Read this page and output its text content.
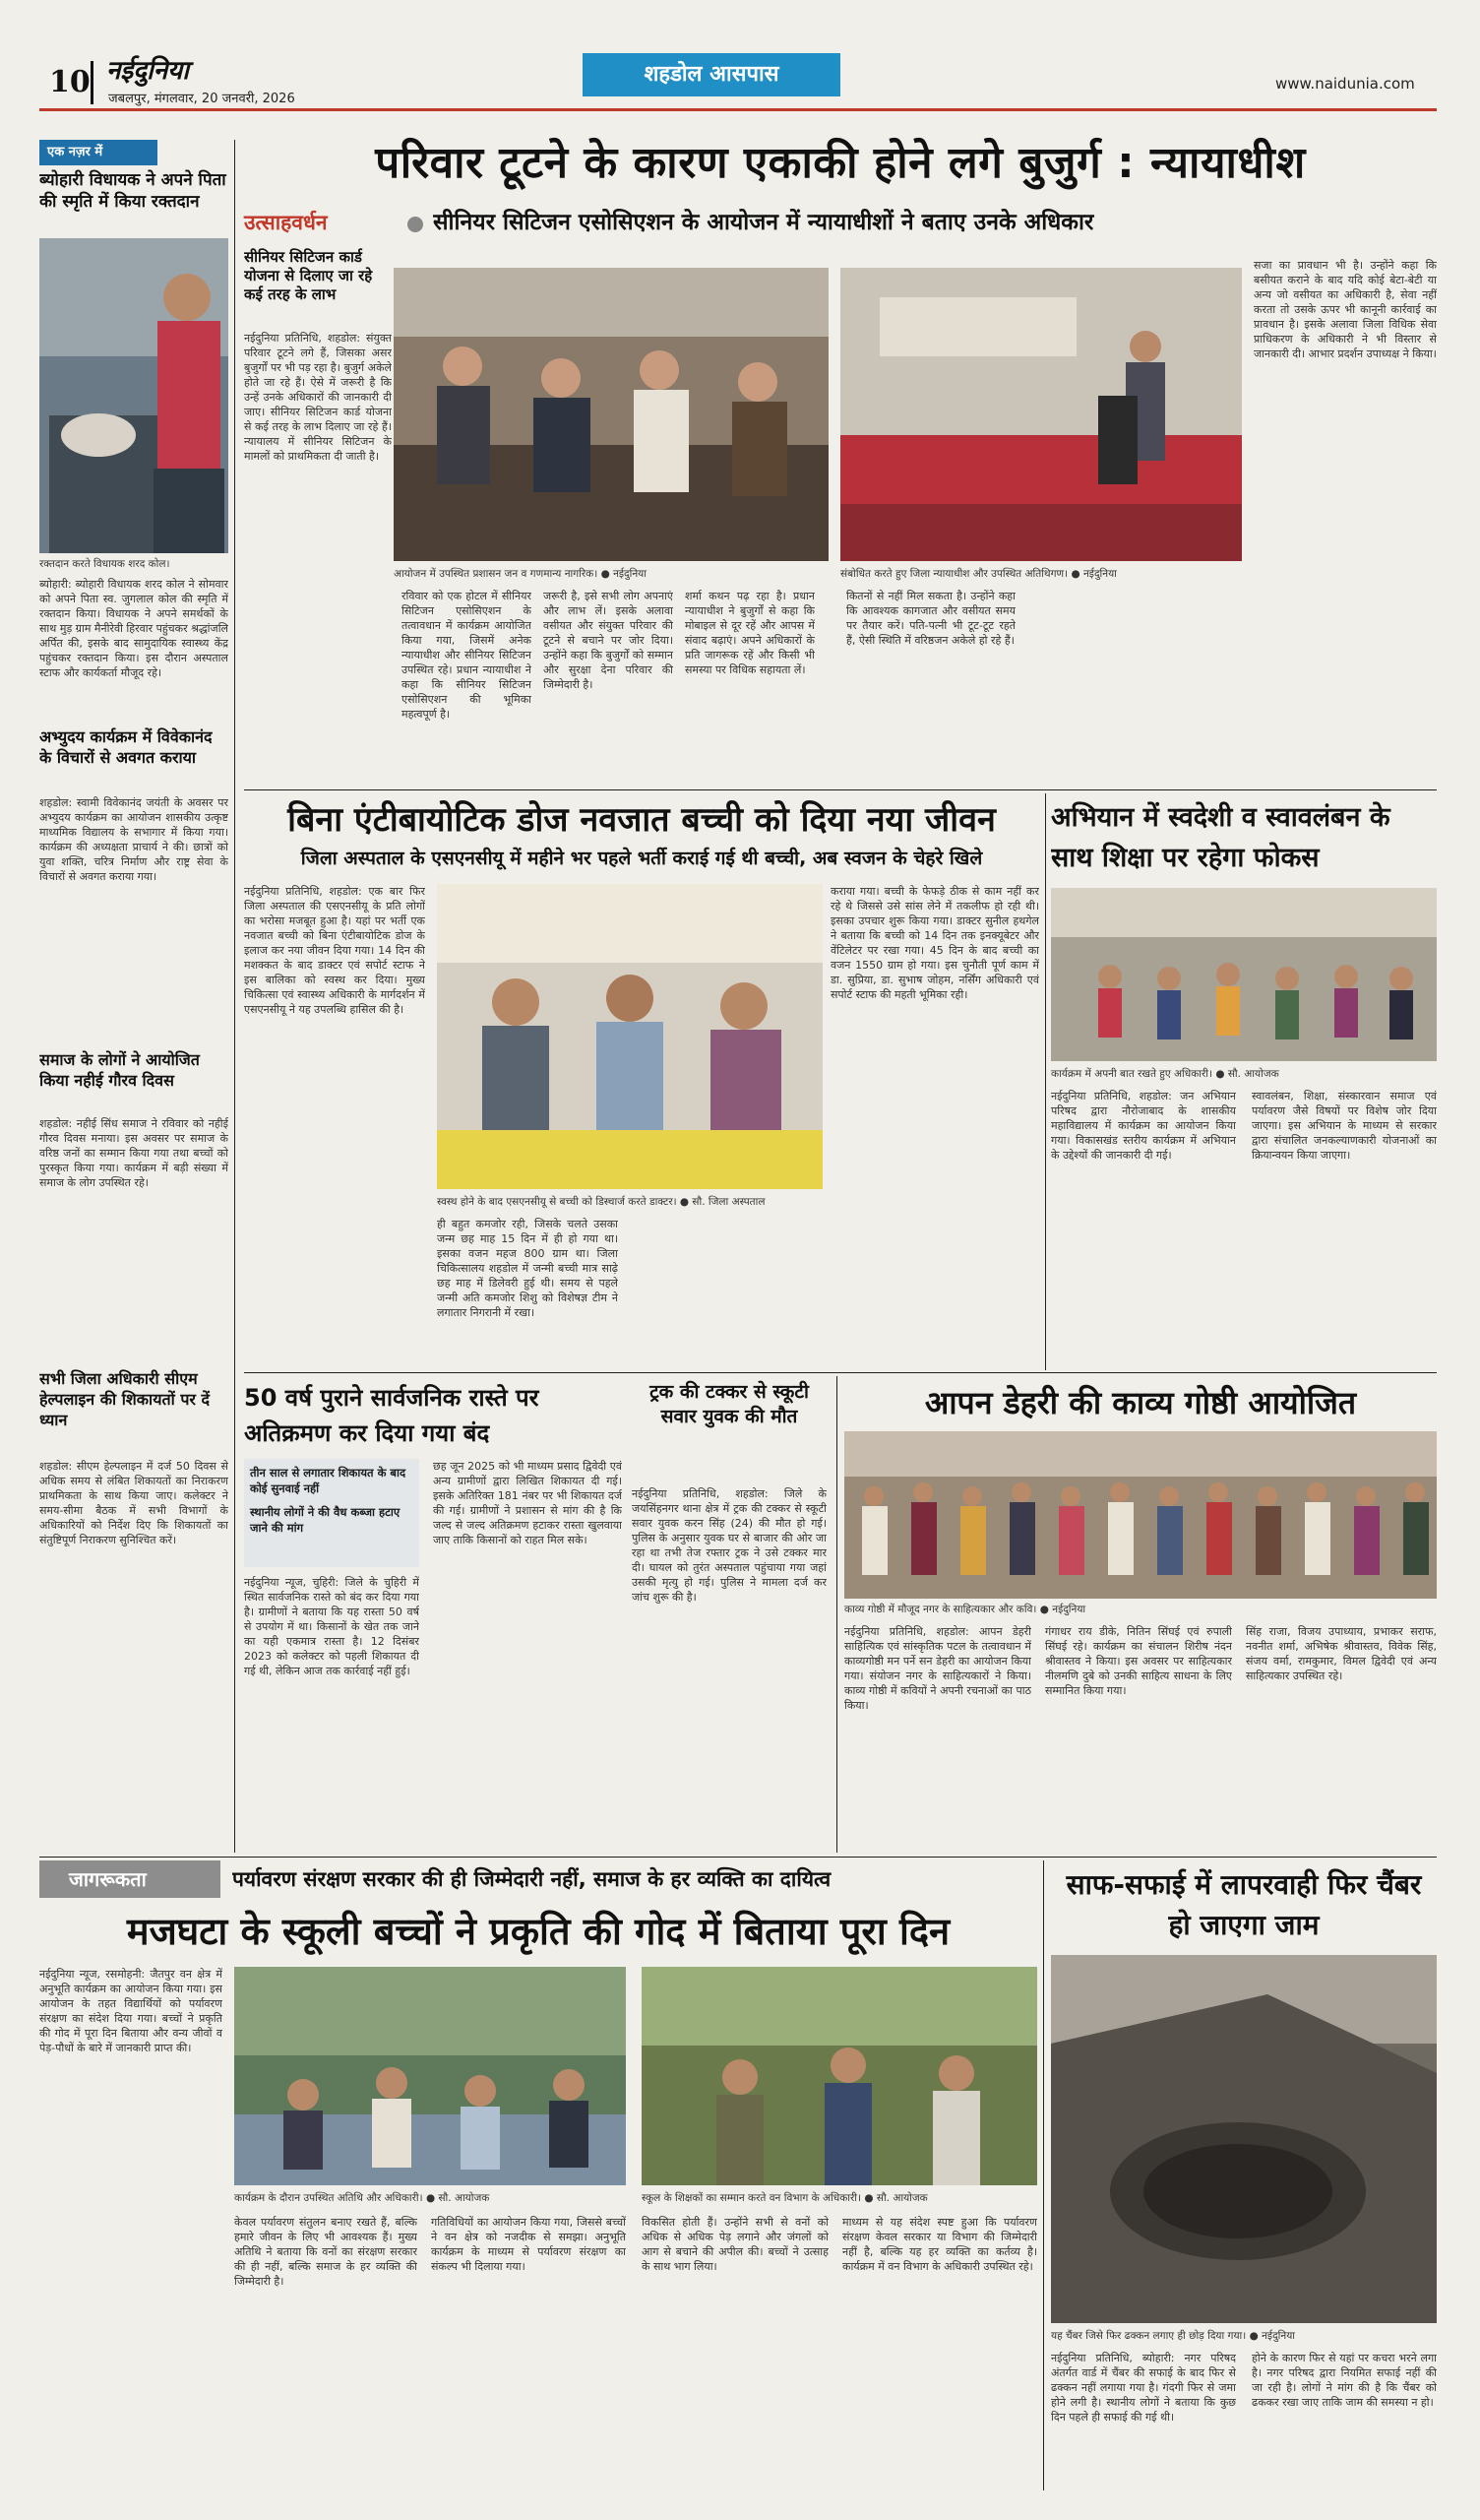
10 नईदुनिया
जबलपुर, मंगलवार, 20 जनवरी, 2026
शहडोल आसपास	www.naidunia.com
एक नज़र में
ब्योहारी विधायक ने अपने पिता की स्मृति में किया रक्तदान
रक्तदान करते विधायक शरद कोल।
ब्योहारी: ब्योहारी विधायक शरद कोल ने सोमवार को अपने पिता स्व. जुगलाल कोल की स्मृति में रक्तदान किया। विधायक ने अपने समर्थकों के साथ मुड़ ग्राम मैनीरेवी हिरवार पहुंचकर श्रद्धांजलि अर्पित की, इसके बाद सामुदायिक स्वास्थ्य केंद्र पहुंचकर रक्तदान किया। इस दौरान अस्पताल स्टाफ और कार्यकर्ता मौजूद रहे।
अभ्युदय कार्यक्रम में विवेकानंद के विचारों से अवगत कराया
शहडोल: स्वामी विवेकानंद जयंती के अवसर पर अभ्युदय कार्यक्रम का आयोजन शासकीय उत्कृष्ट माध्यमिक विद्यालय के सभागार में किया गया। कार्यक्रम की अध्यक्षता प्राचार्य ने की। छात्रों को युवा शक्ति, चरित्र निर्माण और राष्ट्र सेवा के विचारों से अवगत कराया गया।
समाज के लोगों ने आयोजित किया नहीई गौरव दिवस
शहडोल: नहीई सिंध समाज ने रविवार को नहीई गौरव दिवस मनाया। इस अवसर पर समाज के वरिष्ठ जनों का सम्मान किया गया तथा बच्चों को पुरस्कृत किया गया। कार्यक्रम में बड़ी संख्या में समाज के लोग उपस्थित रहे।
सभी जिला अधिकारी सीएम हेल्पलाइन की शिकायतों पर दें ध्यान
शहडोल: सीएम हेल्पलाइन में दर्ज 50 दिवस से अधिक समय से लंबित शिकायतों का निराकरण प्राथमिकता के साथ किया जाए। कलेक्टर ने समय-सीमा बैठक में सभी विभागों के अधिकारियों को निर्देश दिए कि शिकायतों का संतुष्टिपूर्ण निराकरण सुनिश्चित करें।
परिवार टूटने के कारण एकाकी होने लगे बुजुर्ग : न्यायाधीश
उत्साहवर्धन	सीनियर सिटिजन एसोसिएशन के आयोजन में न्यायाधीशों ने बताए उनके अधिकार
सीनियर सिटिजन कार्ड योजना से दिलाए जा रहे कई तरह के लाभ
नईदुनिया प्रतिनिधि, शहडोल: संयुक्त परिवार टूटने लगे हैं, जिसका असर बुजुर्गों पर भी पड़ रहा है। बुजुर्ग अकेले होते जा रहे हैं। ऐसे में जरूरी है कि उन्हें उनके अधिकारों की जानकारी दी जाए। सीनियर सिटिजन कार्ड योजना से कई तरह के लाभ दिलाए जा रहे हैं। न्यायालय में सीनियर सिटिजन के मामलों को प्राथमिकता दी जाती है।
आयोजन में उपस्थित प्रशासन जन व गणमान्य नागरिक। ● नईदुनिया	संबोधित करते हुए जिला न्यायाधीश और उपस्थित अतिथिगण। ● नईदुनिया
रविवार को एक होटल में सीनियर सिटिजन एसोसिएशन के तत्वावधान में कार्यक्रम आयोजित किया गया, जिसमें अनेक न्यायाधीश और सीनियर सिटिजन उपस्थित रहे। प्रधान न्यायाधीश ने कहा कि सीनियर सिटिजन एसोसिएशन की भूमिका महत्वपूर्ण है।
जरूरी है, इसे सभी लोग अपनाएं और लाभ लें। इसके अलावा वसीयत और संयुक्त परिवार की टूटने से बचाने पर जोर दिया। उन्होंने कहा कि बुजुर्गों को सम्मान और सुरक्षा देना परिवार की जिम्मेदारी है।
शर्मा कथन पढ़ रहा है। प्रधान न्यायाधीश ने बुजुर्गों से कहा कि मोबाइल से दूर रहें और आपस में संवाद बढ़ाएं। अपने अधिकारों के प्रति जागरूक रहें और किसी भी समस्या पर विधिक सहायता लें।
कितनों से नहीं मिल सकता है। उन्होंने कहा कि आवश्यक कागजात और वसीयत समय पर तैयार करें। पति-पत्नी भी टूट-टूट रहते हैं, ऐसी स्थिति में वरिष्ठजन अकेले हो रहे हैं।
सजा का प्रावधान भी है। उन्होंने कहा कि बसीयत कराने के बाद यदि कोई बेटा-बेटी या अन्य जो वसीयत का अधिकारी है, सेवा नहीं करता तो उसके ऊपर भी कानूनी कार्रवाई का प्रावधान है। इसके अलावा जिला विधिक सेवा प्राधिकरण के अधिकारी ने भी विस्तार से जानकारी दी। आभार प्रदर्शन उपाध्यक्ष ने किया।
बिना एंटीबायोटिक डोज नवजात बच्ची को दिया नया जीवन
जिला अस्पताल के एसएनसीयू में महीने भर पहले भर्ती कराई गई थी बच्ची, अब स्वजन के चेहरे खिले
नईदुनिया प्रतिनिधि, शहडोल: एक बार फिर जिला अस्पताल की एसएनसीयू के प्रति लोगों का भरोसा मजबूत हुआ है। यहां पर भर्ती एक नवजात बच्ची को बिना एंटीबायोटिक डोज के इलाज कर नया जीवन दिया गया। 14 दिन की मशक्कत के बाद डाक्टर एवं सपोर्ट स्टाफ ने इस बालिका को स्वस्थ कर दिया। मुख्य चिकित्सा एवं स्वास्थ्य अधिकारी के मार्गदर्शन में एसएनसीयू ने यह उपलब्धि हासिल की है।
स्वस्थ होने के बाद एसएनसीयू से बच्ची को डिस्चार्ज करते डाक्टर। ● सौ. जिला अस्पताल
ही बहुत कमजोर रही, जिसके चलते उसका जन्म छह माह 15 दिन में ही हो गया था। इसका वजन महज 800 ग्राम था। जिला चिकित्सालय शहडोल में जन्मी बच्ची मात्र साढ़े छह माह में डिलेवरी हुई थी। समय से पहले जन्मी अति कमजोर शिशु को विशेषज्ञ टीम ने लगातार निगरानी में रखा।
कराया गया। बच्ची के फेफड़े ठीक से काम नहीं कर रहे थे जिससे उसे सांस लेने में तकलीफ हो रही थी। इसका उपचार शुरू किया गया। डाक्टर सुनील हथगेल ने बताया कि बच्ची को 14 दिन तक इनक्यूबेटर और वेंटिलेटर पर रखा गया। 45 दिन के बाद बच्ची का वजन 1550 ग्राम हो गया। इस चुनौती पूर्ण काम में डा. सुप्रिया, डा. सुभाष जोहम, नर्सिंग अधिकारी एवं सपोर्ट स्टाफ की महती भूमिका रही।
अभियान में स्वदेशी व स्वावलंबन के साथ शिक्षा पर रहेगा फोकस
कार्यक्रम में अपनी बात रखते हुए अधिकारी। ● सौ. आयोजक
नईदुनिया प्रतिनिधि, शहडोल: जन अभियान परिषद द्वारा नौरोजाबाद के शासकीय महाविद्यालय में कार्यक्रम का आयोजन किया गया। विकासखंड स्तरीय कार्यक्रम में अभियान के उद्देश्यों की जानकारी दी गई।
स्वावलंबन, शिक्षा, संस्कारवान समाज एवं पर्यावरण जैसे विषयों पर विशेष जोर दिया जाएगा। इस अभियान के माध्यम से सरकार द्वारा संचालित जनकल्याणकारी योजनाओं का क्रियान्वयन किया जाएगा।
50 वर्ष पुराने सार्वजनिक रास्ते पर अतिक्रमण कर दिया गया बंद
तीन साल से लगातार शिकायत के बाद कोई सुनवाई नहीं
स्थानीय लोगों ने की वैध कब्जा हटाए जाने की मांग
नईदुनिया न्यूज, चुहिरी: जिले के चुहिरी में स्थित सार्वजनिक रास्ते को बंद कर दिया गया है। ग्रामीणों ने बताया कि यह रास्ता 50 वर्ष से उपयोग में था। किसानों के खेत तक जाने का यही एकमात्र रास्ता है। 12 दिसंबर 2023 को कलेक्टर को पहली शिकायत दी गई थी, लेकिन आज तक कार्रवाई नहीं हुई।
छह जून 2025 को भी माध्यम प्रसाद द्विवेदी एवं अन्य ग्रामीणों द्वारा लिखित शिकायत दी गई। इसके अतिरिक्त 181 नंबर पर भी शिकायत दर्ज की गई। ग्रामीणों ने प्रशासन से मांग की है कि जल्द से जल्द अतिक्रमण हटाकर रास्ता खुलवाया जाए ताकि किसानों को राहत मिल सके।
ट्रक की टक्कर से स्कूटी सवार युवक की मौत
नईदुनिया प्रतिनिधि, शहडोल: जिले के जयसिंहनगर थाना क्षेत्र में ट्रक की टक्कर से स्कूटी सवार युवक करन सिंह (24) की मौत हो गई। पुलिस के अनुसार युवक घर से बाजार की ओर जा रहा था तभी तेज रफ्तार ट्रक ने उसे टक्कर मार दी। घायल को तुरंत अस्पताल पहुंचाया गया जहां उसकी मृत्यु हो गई। पुलिस ने मामला दर्ज कर जांच शुरू की है।
आपन डेहरी की काव्य गोष्ठी आयोजित
काव्य गोष्ठी में मौजूद नगर के साहित्यकार और कवि। ● नईदुनिया
नईदुनिया प्रतिनिधि, शहडोल: आपन डेहरी साहित्यिक एवं सांस्कृतिक पटल के तत्वावधान में काव्यगोष्ठी मन पर्ने सन डेहरी का आयोजन किया गया। संयोजन नगर के साहित्यकारों ने किया। काव्य गोष्ठी में कवियों ने अपनी रचनाओं का पाठ किया।
गंगाधर राय डीके, नितिन सिंघई एवं रुपाली सिंघई रहे। कार्यक्रम का संचालन शिरीष नंदन श्रीवास्तव ने किया। इस अवसर पर साहित्यकार नीलमणि दुबे को उनकी साहित्य साधना के लिए सम्मानित किया गया।
सिंह राजा, विजय उपाध्याय, प्रभाकर सराफ, नवनीत शर्मा, अभिषेक श्रीवास्तव, विवेक सिंह, संजय वर्मा, रामकुमार, विमल द्विवेदी एवं अन्य साहित्यकार उपस्थित रहे।
जागरूकता	पर्यावरण संरक्षण सरकार की ही जिम्मेदारी नहीं, समाज के हर व्यक्ति का दायित्व
मजघटा के स्कूली बच्चों ने प्रकृति की गोद में बिताया पूरा दिन
नईदुनिया न्यूज, रसमोहनी: जैतपुर वन क्षेत्र में अनुभूति कार्यक्रम का आयोजन किया गया। इस आयोजन के तहत विद्यार्थियों को पर्यावरण संरक्षण का संदेश दिया गया। बच्चों ने प्रकृति की गोद में पूरा दिन बिताया और वन्य जीवों व पेड़-पौधों के बारे में जानकारी प्राप्त की।
कार्यक्रम के दौरान उपस्थित अतिथि और अधिकारी। ● सौ. आयोजक	स्कूल के शिक्षकों का सम्मान करते वन विभाग के अधिकारी। ● सौ. आयोजक
केवल पर्यावरण संतुलन बनाए रखते हैं, बल्कि हमारे जीवन के लिए भी आवश्यक हैं। मुख्य अतिथि ने बताया कि वनों का संरक्षण सरकार की ही नहीं, बल्कि समाज के हर व्यक्ति की जिम्मेदारी है।
गतिविधियों का आयोजन किया गया, जिससे बच्चों ने वन क्षेत्र को नजदीक से समझा। अनुभूति कार्यक्रम के माध्यम से पर्यावरण संरक्षण का संकल्प भी दिलाया गया।
विकसित होती हैं। उन्होंने सभी से वनों को अधिक से अधिक पेड़ लगाने और जंगलों को आग से बचाने की अपील की। बच्चों ने उत्साह के साथ भाग लिया।
माध्यम से यह संदेश स्पष्ट हुआ कि पर्यावरण संरक्षण केवल सरकार या विभाग की जिम्मेदारी नहीं है, बल्कि यह हर व्यक्ति का कर्तव्य है। कार्यक्रम में वन विभाग के अधिकारी उपस्थित रहे।
साफ-सफाई में लापरवाही फिर चैंबर हो जाएगा जाम
यह चैंबर जिसे फिर ढक्कन लगाए ही छोड़ दिया गया। ● नईदुनिया
नईदुनिया प्रतिनिधि, ब्योहारी: नगर परिषद अंतर्गत वार्ड में चैंबर की सफाई के बाद फिर से ढक्कन नहीं लगाया गया है। गंदगी फिर से जमा होने लगी है। स्थानीय लोगों ने बताया कि कुछ दिन पहले ही सफाई की गई थी।
होने के कारण फिर से यहां पर कचरा भरने लगा है। नगर परिषद द्वारा नियमित सफाई नहीं की जा रही है। लोगों ने मांग की है कि चैंबर को ढककर रखा जाए ताकि जाम की समस्या न हो।
